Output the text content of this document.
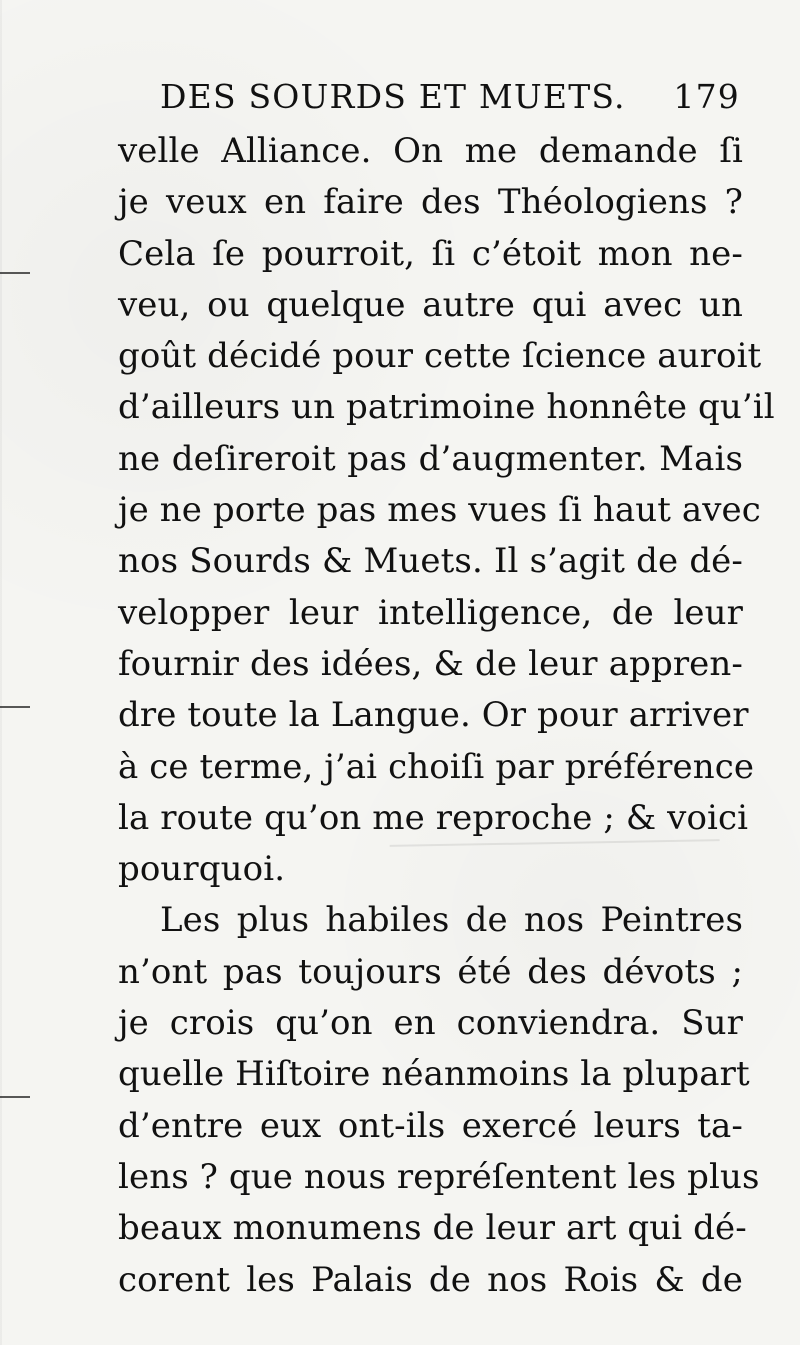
DES SOURDS ET MUETS. 179
velle Alliance. On me demande ſi
je veux en faire des Théologiens ?
Cela ſe pourroit, ſi c’étoit mon ne-
veu, ou quelque autre qui avec un
goût décidé pour cette ſcience auroit
d’ailleurs un patrimoine honnête qu’il
ne deſireroit pas d’augmenter. Mais
je ne porte pas mes vues ſi haut avec
nos Sourds & Muets. Il s’agit de dé-
velopper leur intelligence, de leur
fournir des idées, & de leur appren-
dre toute la Langue. Or pour arriver
à ce terme, j’ai choiſi par préférence
la route qu’on me reproche ; & voici
pourquoi.
Les plus habiles de nos Peintres
n’ont pas toujours été des dévots ;
je crois qu’on en conviendra. Sur
quelle Hiſtoire néanmoins la plupart
d’entre eux ont-ils exercé leurs ta-
lens ? que nous repréſentent les plus
beaux monumens de leur art qui dé-
corent les Palais de nos Rois & de
